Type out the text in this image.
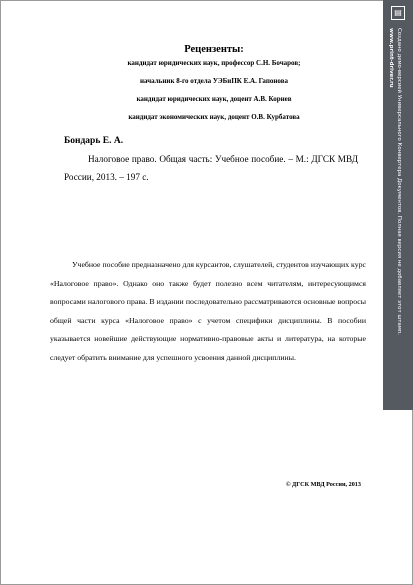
Рецензенты:
кандидат юридических наук, профессор С.Н. Бочаров;
начальник 8-го отдела УЭБиПК Е.А. Гапонова
кандидат юридических наук, доцент А.В. Корнев
кандидат экономических наук, доцент О.В. Курбатова
Бондарь Е. А.
Налоговое право. Общая часть: Учебное пособие. – М.: ДГСК МВД России, 2013. – 197 с.
Учебное пособие предназначено для курсантов, слушателей, студентов изучающих курс «Налоговое право». Однако оно также будет полезно всем читателям, интересующимся вопросами налогового права. В издании последовательно рассматриваются основные вопросы общей части курса «Налоговое право» с учетом специфики дисциплины. В пособии указывается новейшие действующие нормативно-правовые акты и литература, на которые следует обратить внимание для успешного усвоения данной дисциплины.
© ДГСК МВД России, 2013
▤
Создано демо-версией Универсального Конвертера Документов. Полная версия не добавляет этот штамп.
www.print-driver.ru
